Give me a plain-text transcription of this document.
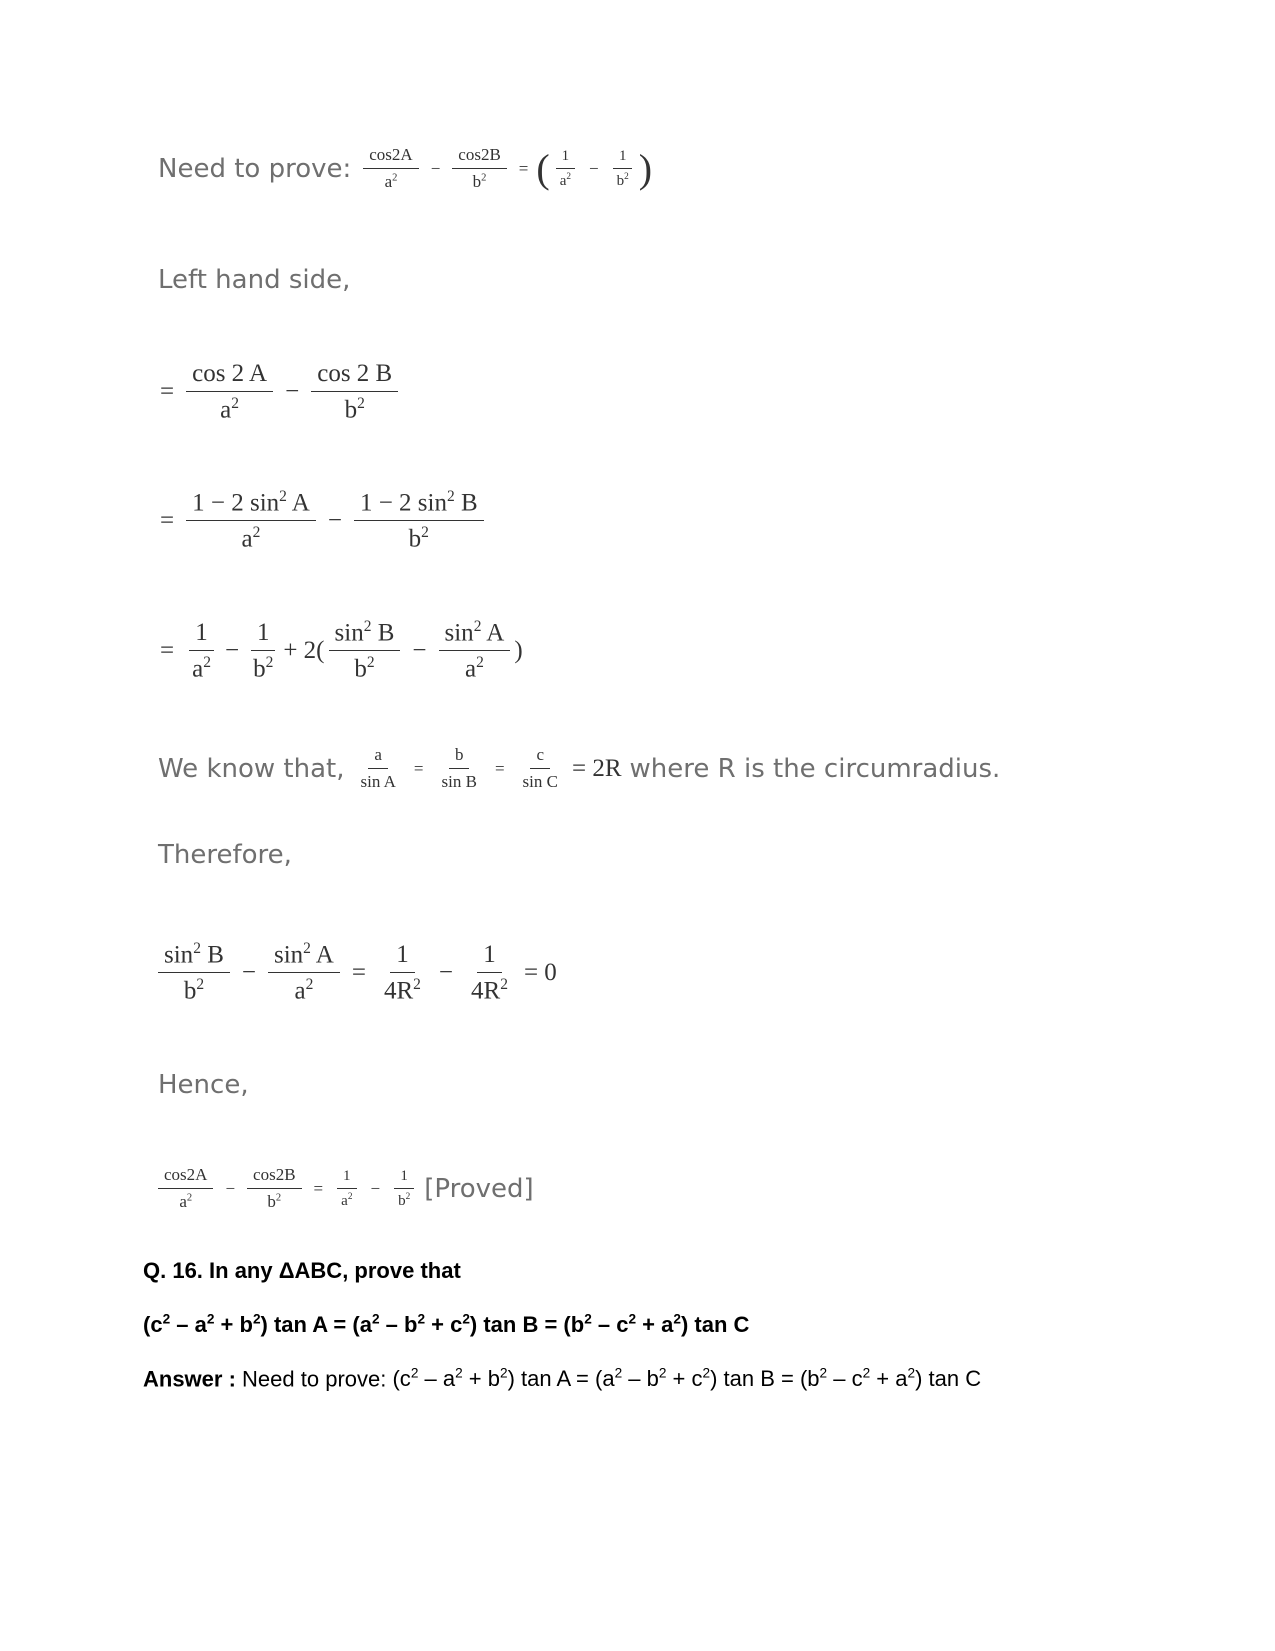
Need to prove: $\frac{\cos 2A}{a^2} - \frac{\cos 2B}{b^2}$ = ( $\frac{1}{a^2} - \frac{1}{b^2}$ )
Left hand side,
= $\frac{\cos 2 A}{a^2} - \frac{\cos 2 B}{b^2}$
= $\frac{1 - 2 \sin^2 A}{a^2} - \frac{1 - 2 \sin^2 B}{b^2}$
= $\frac{1}{a^2} - \frac{1}{b^2} + 2( \frac{\sin^2 B}{b^2} - \frac{\sin^2 A}{a^2}$ )
We know that, $\frac{a}{\text{sin A}} = \frac{b}{\text{sin B}} = \frac{c}{\text{sin C}} = 2R$ where R is the circumradius.
Therefore,
$\frac{\sin^2 B}{b^2} - \frac{\sin^2 A}{a^2} = \frac{1}{4R^2} - \frac{1}{4R^2} = 0$
Hence,
$\frac{\cos 2A}{a^2} - \frac{\cos 2B}{b^2} = \frac{1}{a^2} - \frac{1}{b^2}$ [Proved]
Q. 16. In any ΔABC, prove that
$(c^2 - a^2 + b^2)$ $\tan A = (a^2 - b^2 + c^2)$ $\tan B = (b^2 - c^2 + a^2)$ tan C
Answer : Need to prove: $(c^2 - a^2 + b^2)$ $\tan A = (a^2 - b^2 + c^2)$ $\tan B = (b^2 - c^2 + a^2)$ tan C
